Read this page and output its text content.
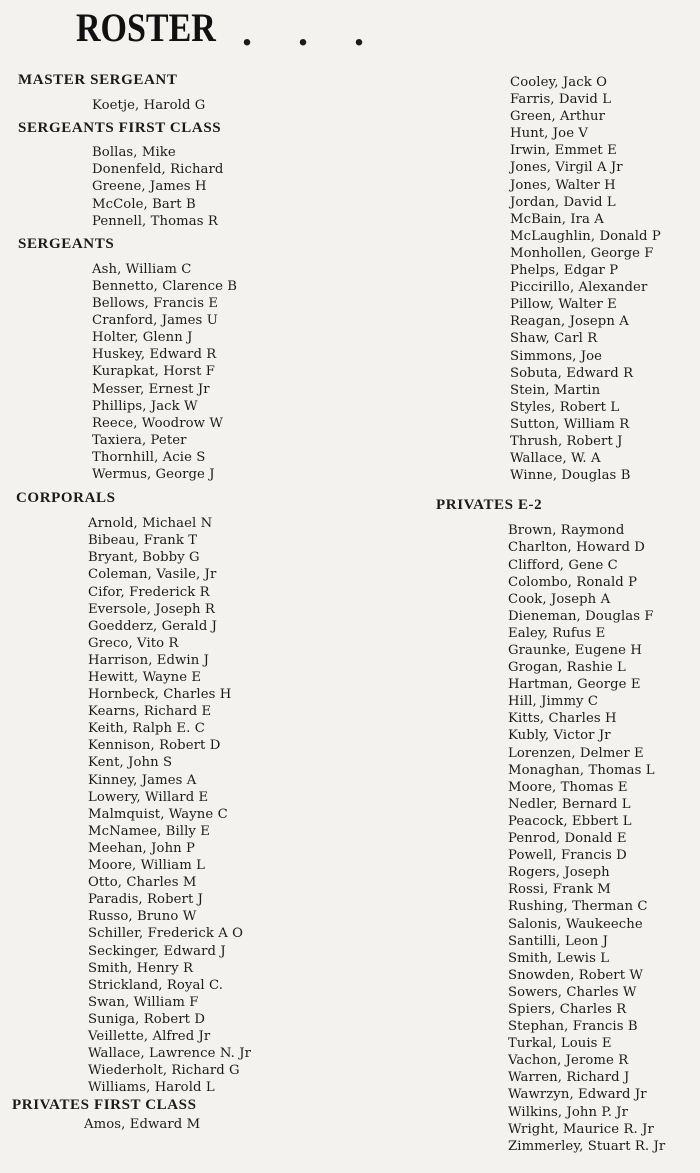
ROSTER . . .
MASTER SERGEANT
Koetje, Harold G
SERGEANTS FIRST CLASS
Bollas, Mike
Donenfeld, Richard
Greene, James H
McCole, Bart B
Pennell, Thomas R
SERGEANTS
Ash, William C
Bennetto, Clarence B
Bellows, Francis E
Cranford, James U
Holter, Glenn J
Huskey, Edward R
Kurapkat, Horst F
Messer, Ernest Jr
Phillips, Jack W
Reece, Woodrow W
Taxiera, Peter
Thornhill, Acie S
Wermus, George J
CORPORALS
Arnold, Michael N
Bibeau, Frank T
Bryant, Bobby G
Coleman, Vasile, Jr
Cifor, Frederick R
Eversole, Joseph R
Goedderz, Gerald J
Greco, Vito R
Harrison, Edwin J
Hewitt, Wayne E
Hornbeck, Charles H
Kearns, Richard E
Keith, Ralph E. C
Kennison, Robert D
Kent, John S
Kinney, James A
Lowery, Willard E
Malmquist, Wayne C
McNamee, Billy E
Meehan, John P
Moore, William L
Otto, Charles M
Paradis, Robert J
Russo, Bruno W
Schiller, Frederick A O
Seckinger, Edward J
Smith, Henry R
Strickland, Royal C.
Swan, William F
Suniga, Robert D
Veillette, Alfred Jr
Wallace, Lawrence N. Jr
Wiederholt, Richard G
Williams, Harold L
PRIVATES FIRST CLASS
Amos, Edward M
Cooley, Jack O
Farris, David L
Green, Arthur
Hunt, Joe V
Irwin, Emmet E
Jones, Virgil A Jr
Jones, Walter H
Jordan, David L
McBain, Ira A
McLaughlin, Donald P
Monhollen, George F
Phelps, Edgar P
Piccirillo, Alexander
Pillow, Walter E
Reagan, Josepn A
Shaw, Carl R
Simmons, Joe
Sobuta, Edward R
Stein, Martin
Styles, Robert L
Sutton, William R
Thrush, Robert J
Wallace, W. A
Winne, Douglas B
PRIVATES E-2
Brown, Raymond
Charlton, Howard D
Clifford, Gene C
Colombo, Ronald P
Cook, Joseph A
Dieneman, Douglas F
Ealey, Rufus E
Graunke, Eugene H
Grogan, Rashie L
Hartman, George E
Hill, Jimmy C
Kitts, Charles H
Kubly, Victor Jr
Lorenzen, Delmer E
Monaghan, Thomas L
Moore, Thomas E
Nedler, Bernard L
Peacock, Ebbert L
Penrod, Donald E
Powell, Francis D
Rogers, Joseph
Rossi, Frank M
Rushing, Therman C
Salonis, Waukeeche
Santilli, Leon J
Smith, Lewis L
Snowden, Robert W
Sowers, Charles W
Spiers, Charles R
Stephan, Francis B
Turkal, Louis E
Vachon, Jerome R
Warren, Richard J
Wawrzyn, Edward Jr
Wilkins, John P. Jr
Wright, Maurice R. Jr
Zimmerley, Stuart R. Jr
